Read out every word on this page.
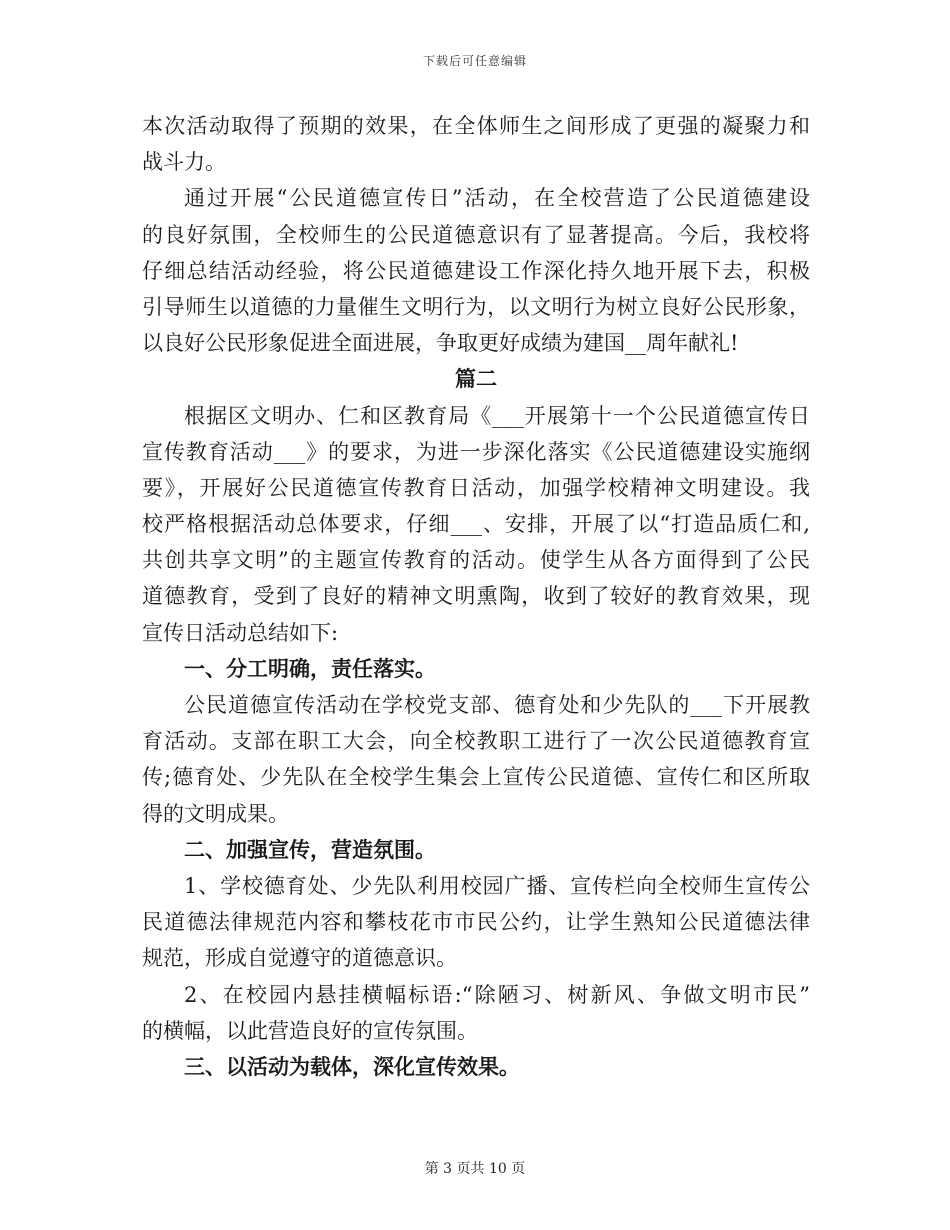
下载后可任意编辑
本次活动取得了预期的效果，在全体师生之间形成了更强的凝聚力和
战斗力。
通过开展“公民道德宣传日”活动，在全校营造了公民道德建设
的良好氛围，全校师生的公民道德意识有了显著提高。今后，我校将
仔细总结活动经验，将公民道德建设工作深化持久地开展下去，积极
引导师生以道德的力量催生文明行为，以文明行为树立良好公民形象，
以良好公民形象促进全面进展，争取更好成绩为建国__周年献礼!
篇二
根据区文明办、仁和区教育局《___开展第十一个公民道德宣传日
宣传教育活动___》的要求，为进一步深化落实《公民道德建设实施纲
要》，开展好公民道德宣传教育日活动，加强学校精神文明建设。我
校严格根据活动总体要求，仔细___、安排，开展了以“打造品质仁和,
共创共享文明”的主题宣传教育的活动。使学生从各方面得到了公民
道德教育，受到了良好的精神文明熏陶，收到了较好的教育效果，现
宣传日活动总结如下:
一、分工明确，责任落实。
公民道德宣传活动在学校党支部、德育处和少先队的___下开展教
育活动。支部在职工大会，向全校教职工进行了一次公民道德教育宣
传;德育处、少先队在全校学生集会上宣传公民道德、宣传仁和区所取
得的文明成果。
二、加强宣传，营造氛围。
1、学校德育处、少先队利用校园广播、宣传栏向全校师生宣传公
民道德法律规范内容和攀枝花市市民公约，让学生熟知公民道德法律
规范，形成自觉遵守的道德意识。
2、在校园内悬挂横幅标语:“除陋习、树新风、争做文明市民”
的横幅，以此营造良好的宣传氛围。
三、以活动为载体，深化宣传效果。
第 3 页共 10 页
